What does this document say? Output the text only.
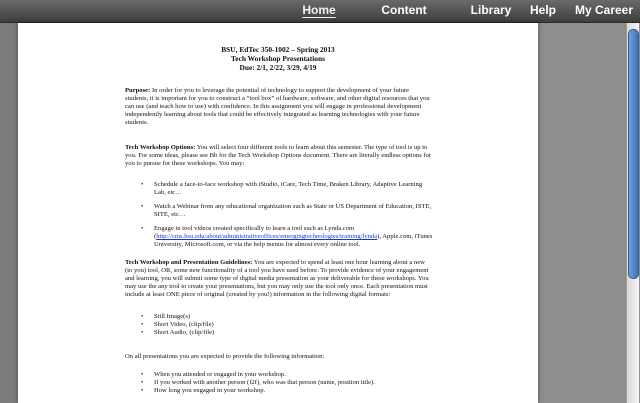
Home	Content	Library	Help	My Career
BSU, EdTec 350-1002 – Spring 2013
Tech Workshop Presentations
Due: 2/1, 2/22, 3/29, 4/19

Purpose: In order for you to leverage the potential of technology to support the development of your future students, it is important for you to construct a “tool box” of hardware, software, and other digital resources that you can use (and teach how to use) with confidence. In this assignment you will engage in professional development independently learning about tools that could be effectively integrated as learning technologies with your future students.

Tech Workshop Options: You will select four different tools to learn about this semester. The type of tool is up to you. For some ideas, please see Bb for the Tech Workshop Options document. There are literally endless options for you to pursue for these workshops. You may:

• Schedule a face-to-face workshop with iStudio, iCare, Tech Time, Braken Library, Adaptive Learning Lab, etc…
• Watch a Webinar from any educational organization such as State or US Department of Education, ISTE, SITE, etc…
• Engage in tool videos created specifically to learn a tool such as Lynda.com (http://cms.bsu.edu/about/administrativeoffices/emergingtechnologies/training/lynda), Apple.com, iTunes University, Microsoft.com, or via the help menus for almost every online tool.

Tech Workshop and Presentation Guidelines: You are expected to spend at least one hour learning about a new (to you) tool, OR, some new functionality of a tool you have used before. To provide evidence of your engagement and learning, you will submit some type of digital media presentation as your deliverable for these workshops. You may use the any tool to create your presentations, but you may only use the tool only once. Each presentation must include at least ONE piece of original (created by you!) information in the following digital formats:

• Still Image(s)
• Short Video, (clip/file)
• Short Audio, (clip/file)

On all presentations you are expected to provide the following information:

• When you attended or engaged in your workshop.
• If you worked with another person (f2f), who was that person (name, position title).
• How long you engaged in your workshop.
